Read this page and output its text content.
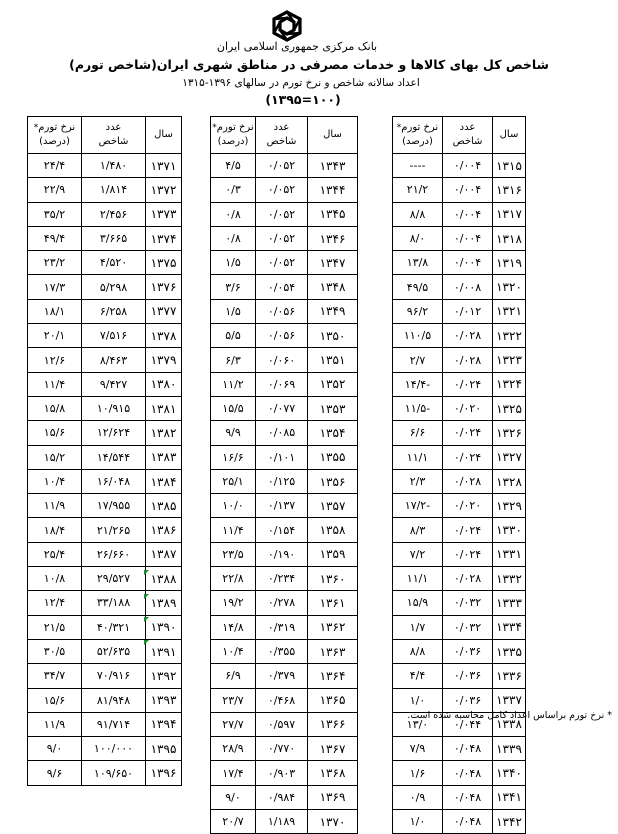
بانک مرکزی جمهوری اسلامی ایران
شاخص کل بهای کالاها و خدمات مصرفی در مناطق شهری ایران(شاخص تورم)
اعداد سالانه شاخص و نرخ تورم در سالهای ۱۳۹۶-۱۳۱۵
(۱۰۰=۱۳۹۵)
سال	عدد
شاخص	نرخ تورم*
(درصد)
۱۳۱۵	۰/۰۰۴	----
۱۳۱۶	۰/۰۰۴	۲۱/۲
۱۳۱۷	۰/۰۰۴	۸/۸
۱۳۱۸	۰/۰۰۴	۸/۰
۱۳۱۹	۰/۰۰۴	۱۳/۸
۱۳۲۰	۰/۰۰۸	۴۹/۵
۱۳۲۱	۰/۰۱۲	۹۶/۲
۱۳۲۲	۰/۰۲۸	۱۱۰/۵
۱۳۲۳	۰/۰۲۸	۲/۷
۱۳۲۴	۰/۰۲۴	-۱۴/۴
۱۳۲۵	۰/۰۲۰	-۱۱/۵
۱۳۲۶	۰/۰۲۴	۶/۶
۱۳۲۷	۰/۰۲۴	۱۱/۱
۱۳۲۸	۰/۰۲۸	۲/۳
۱۳۲۹	۰/۰۲۰	-۱۷/۲
۱۳۳۰	۰/۰۲۴	۸/۳
۱۳۳۱	۰/۰۲۴	۷/۲
۱۳۳۲	۰/۰۲۸	۱۱/۱
۱۳۳۳	۰/۰۳۲	۱۵/۹
۱۳۳۴	۰/۰۳۲	۱/۷
۱۳۳۵	۰/۰۳۶	۸/۸
۱۳۳۶	۰/۰۳۶	۴/۴
۱۳۳۷	۰/۰۳۶	۱/۰
۱۳۳۸	۰/۰۴۴	۱۳/۰
۱۳۳۹	۰/۰۴۸	۷/۹
۱۳۴۰	۰/۰۴۸	۱/۶
۱۳۴۱	۰/۰۴۸	۰/۹
۱۳۴۲	۰/۰۴۸	۱/۰
سال	عدد
شاخص	نرخ تورم*
(درصد)
۱۳۴۳	۰/۰۵۲	۴/۵
۱۳۴۴	۰/۰۵۲	۰/۳
۱۳۴۵	۰/۰۵۲	۰/۸
۱۳۴۶	۰/۰۵۲	۰/۸
۱۳۴۷	۰/۰۵۲	۱/۵
۱۳۴۸	۰/۰۵۴	۳/۶
۱۳۴۹	۰/۰۵۶	۱/۵
۱۳۵۰	۰/۰۵۶	۵/۵
۱۳۵۱	۰/۰۶۰	۶/۳
۱۳۵۲	۰/۰۶۹	۱۱/۲
۱۳۵۳	۰/۰۷۷	۱۵/۵
۱۳۵۴	۰/۰۸۵	۹/۹
۱۳۵۵	۰/۱۰۱	۱۶/۶
۱۳۵۶	۰/۱۲۵	۲۵/۱
۱۳۵۷	۰/۱۳۷	۱۰/۰
۱۳۵۸	۰/۱۵۴	۱۱/۴
۱۳۵۹	۰/۱۹۰	۲۳/۵
۱۳۶۰	۰/۲۳۴	۲۲/۸
۱۳۶۱	۰/۲۷۸	۱۹/۲
۱۳۶۲	۰/۳۱۹	۱۴/۸
۱۳۶۳	۰/۳۵۵	۱۰/۴
۱۳۶۴	۰/۳۷۹	۶/۹
۱۳۶۵	۰/۴۶۸	۲۳/۷
۱۳۶۶	۰/۵۹۷	۲۷/۷
۱۳۶۷	۰/۷۷۰	۲۸/۹
۱۳۶۸	۰/۹۰۳	۱۷/۴
۱۳۶۹	۰/۹۸۴	۹/۰
۱۳۷۰	۱/۱۸۹	۲۰/۷
سال	عدد
شاخص	نرخ تورم*
(درصد)
۱۳۷۱	۱/۴۸۰	۲۴/۴
۱۳۷۲	۱/۸۱۴	۲۲/۹
۱۳۷۳	۲/۴۵۶	۳۵/۲
۱۳۷۴	۳/۶۶۵	۴۹/۴
۱۳۷۵	۴/۵۲۰	۲۳/۲
۱۳۷۶	۵/۲۹۸	۱۷/۳
۱۳۷۷	۶/۲۵۸	۱۸/۱
۱۳۷۸	۷/۵۱۶	۲۰/۱
۱۳۷۹	۸/۴۶۳	۱۲/۶
۱۳۸۰	۹/۴۲۷	۱۱/۴
۱۳۸۱	۱۰/۹۱۵	۱۵/۸
۱۳۸۲	۱۲/۶۲۴	۱۵/۶
۱۳۸۳	۱۴/۵۴۴	۱۵/۲
۱۳۸۴	۱۶/۰۴۸	۱۰/۴
۱۳۸۵	۱۷/۹۵۵	۱۱/۹
۱۳۸۶	۲۱/۲۶۵	۱۸/۴
۱۳۸۷	۲۶/۶۶۰	۲۵/۴
۱۳۸۸	۲۹/۵۲۷	۱۰/۸
۱۳۸۹	۳۳/۱۸۸	۱۲/۴
۱۳۹۰	۴۰/۳۲۱	۲۱/۵
۱۳۹۱	۵۲/۶۳۵	۳۰/۵
۱۳۹۲	۷۰/۹۱۶	۳۴/۷
۱۳۹۳	۸۱/۹۴۸	۱۵/۶
۱۳۹۴	۹۱/۷۱۴	۱۱/۹
۱۳۹۵	۱۰۰/۰۰۰	۹/۰
۱۳۹۶	۱۰۹/۶۵۰	۹/۶
* نرخ تورم براساس اعداد کامل محاسبه شده است.
